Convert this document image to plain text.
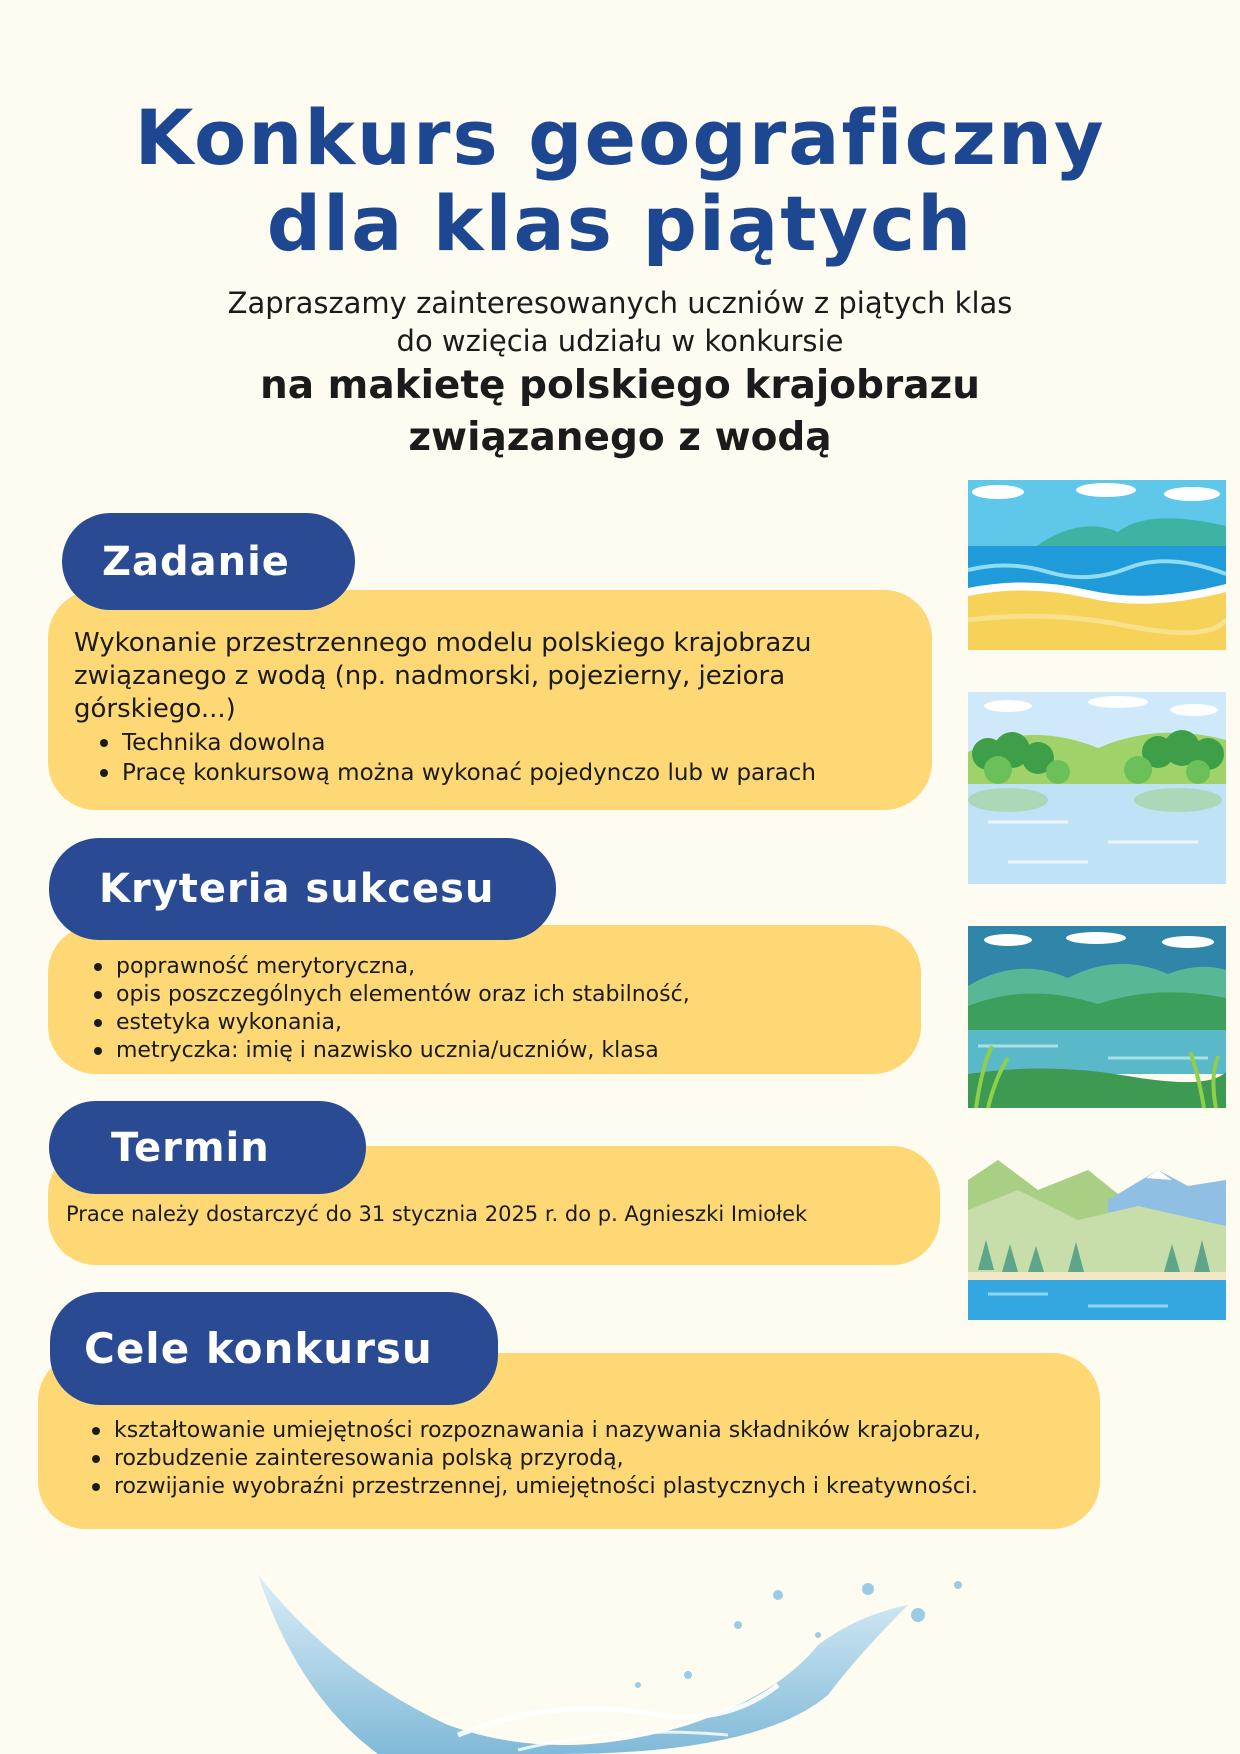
Konkurs geograficzny
dla klas piątych
Zapraszamy zainteresowanych uczniów z piątych klas
do wzięcia udziału w konkursie
na makietę polskiego krajobrazu
związanego z wodą
Wykonanie przestrzennego modelu polskiego krajobrazu związanego z wodą (np. nadmorski, pojezierny, jeziora górskiego...)
Technika dowolna
Pracę konkursową można wykonać pojedynczo lub w parach
Zadanie
poprawność merytoryczna,
opis poszczególnych elementów oraz ich stabilność,
estetyka wykonania,
metryczka: imię i nazwisko ucznia/uczniów, klasa
Kryteria sukcesu
Prace należy dostarczyć do 31 stycznia 2025 r. do p. Agnieszki Imiołek
Termin
kształtowanie umiejętności rozpoznawania i nazywania składników krajobrazu,
rozbudzenie zainteresowania polską przyrodą,
rozwijanie wyobraźni przestrzennej, umiejętności plastycznych i kreatywności.
Cele konkursu
